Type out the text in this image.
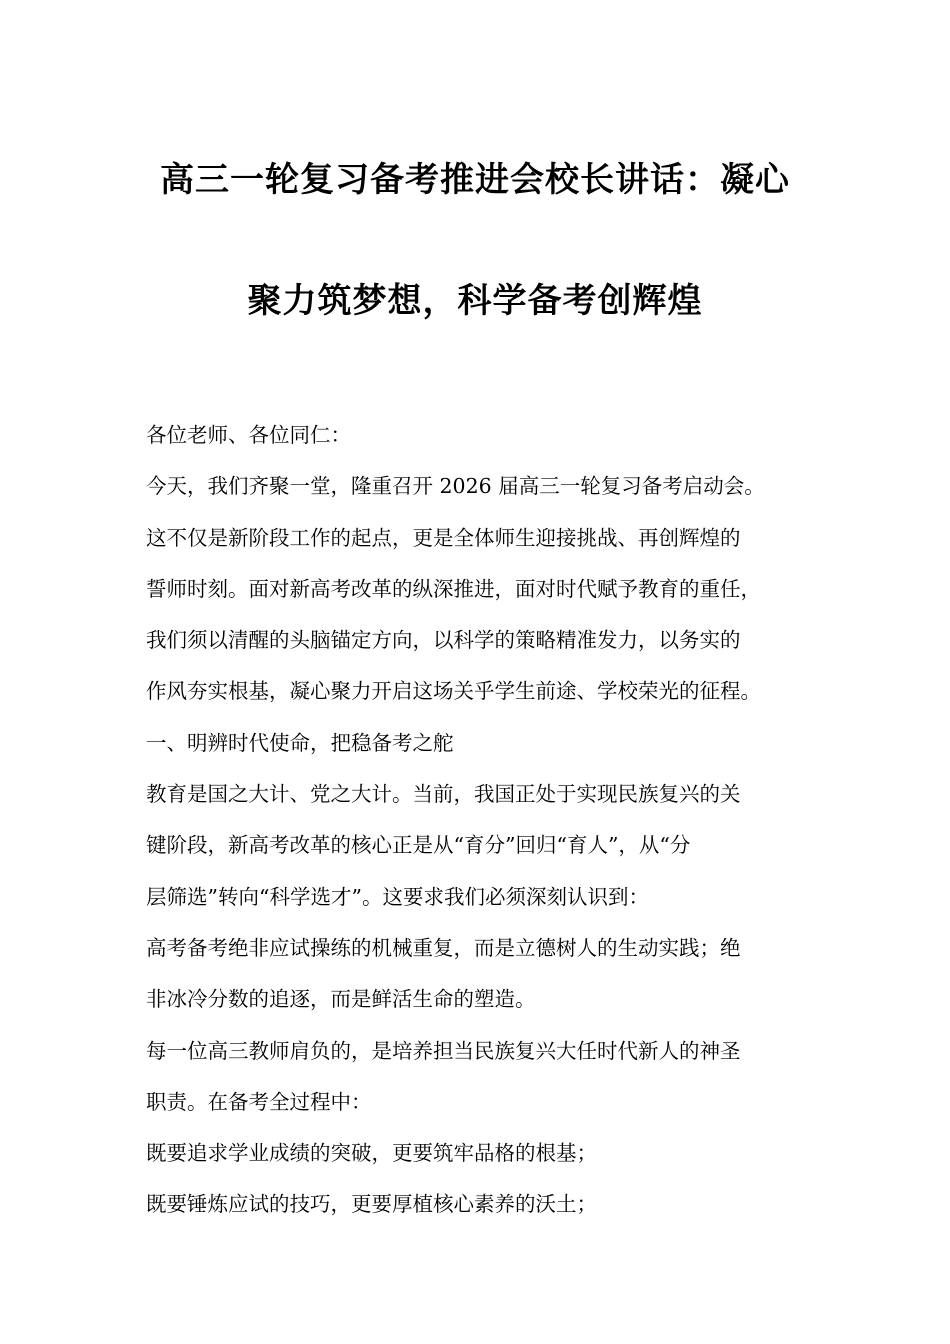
高三一轮复习备考推进会校长讲话：凝心
聚力筑梦想，科学备考创辉煌

各位老师、各位同仁：

今天，我们齐聚一堂，隆重召开 2026 届高三一轮复习备考启动会。

这不仅是新阶段工作的起点，更是全体师生迎接挑战、再创辉煌的

誓师时刻。面对新高考改革的纵深推进，面对时代赋予教育的重任，

我们须以清醒的头脑锚定方向，以科学的策略精准发力，以务实的

作风夯实根基，凝心聚力开启这场关乎学生前途、学校荣光的征程。

一、明辨时代使命，把稳备考之舵

教育是国之大计、党之大计。当前，我国正处于实现民族复兴的关

键阶段，新高考改革的核心正是从“育分”回归“育人”，从“分

层筛选”转向“科学选才”。这要求我们必须深刻认识到：

高考备考绝非应试操练的机械重复，而是立德树人的生动实践；绝

非冰冷分数的追逐，而是鲜活生命的塑造。

每一位高三教师肩负的，是培养担当民族复兴大任时代新人的神圣

职责。在备考全过程中：

既要追求学业成绩的突破，更要筑牢品格的根基；

既要锤炼应试的技巧，更要厚植核心素养的沃土；
